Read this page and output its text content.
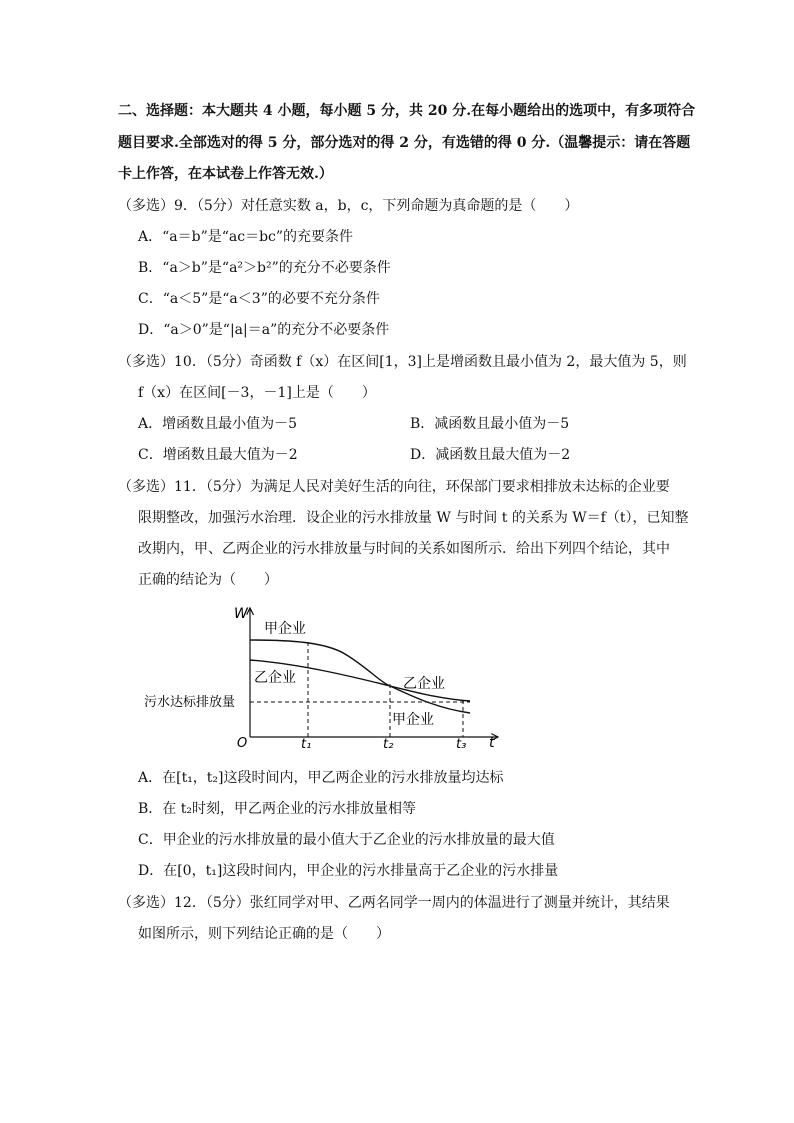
二、选择题：本大题共 4 小题，每小题 5 分，共 20 分.在每小题给出的选项中，有多项符合
题目要求.全部选对的得 5 分，部分选对的得 2 分，有选错的得 0 分.（温馨提示：请在答题
卡上作答，在本试卷上作答无效.）
（多选）9．（5分）对任意实数 a，b，c，下列命题为真命题的是（　　）
A．“a＝b”是“ac＝bc”的充要条件
B．“a＞b”是“a²＞b²”的充分不必要条件
C．“a＜5”是“a＜3”的必要不充分条件
D．“a＞0”是“|a|＝a”的充分不必要条件
（多选）10．（5分）奇函数 f（x）在区间[1，3]上是增函数且最小值为 2，最大值为 5，则
f（x）在区间[－3，－1]上是（　　）
A．增函数且最小值为－5	B．减函数且最小值为－5
C．增函数且最大值为－2	D．减函数且最大值为－2
（多选）11．（5分）为满足人民对美好生活的向往，环保部门要求相排放未达标的企业要
限期整改，加强污水治理．设企业的污水排放量 W 与时间 t 的关系为 W＝f（t），已知整
改期内，甲、乙两企业的污水排放量与时间的关系如图所示．给出下列四个结论，其中
正确的结论为（　　）
W
t
O
污水达标排放量
甲企业
乙企业	乙企业
甲企业
t₁	t₂	t₃
A．在[t₁，t₂]这段时间内，甲乙两企业的污水排放量均达标
B．在 t₂时刻，甲乙两企业的污水排放量相等
C．甲企业的污水排放量的最小值大于乙企业的污水排放量的最大值
D．在[0，t₁]这段时间内，甲企业的污水排量高于乙企业的污水排量
（多选）12．（5分）张红同学对甲、乙两名同学一周内的体温进行了测量并统计，其结果
如图所示，则下列结论正确的是（　　）
